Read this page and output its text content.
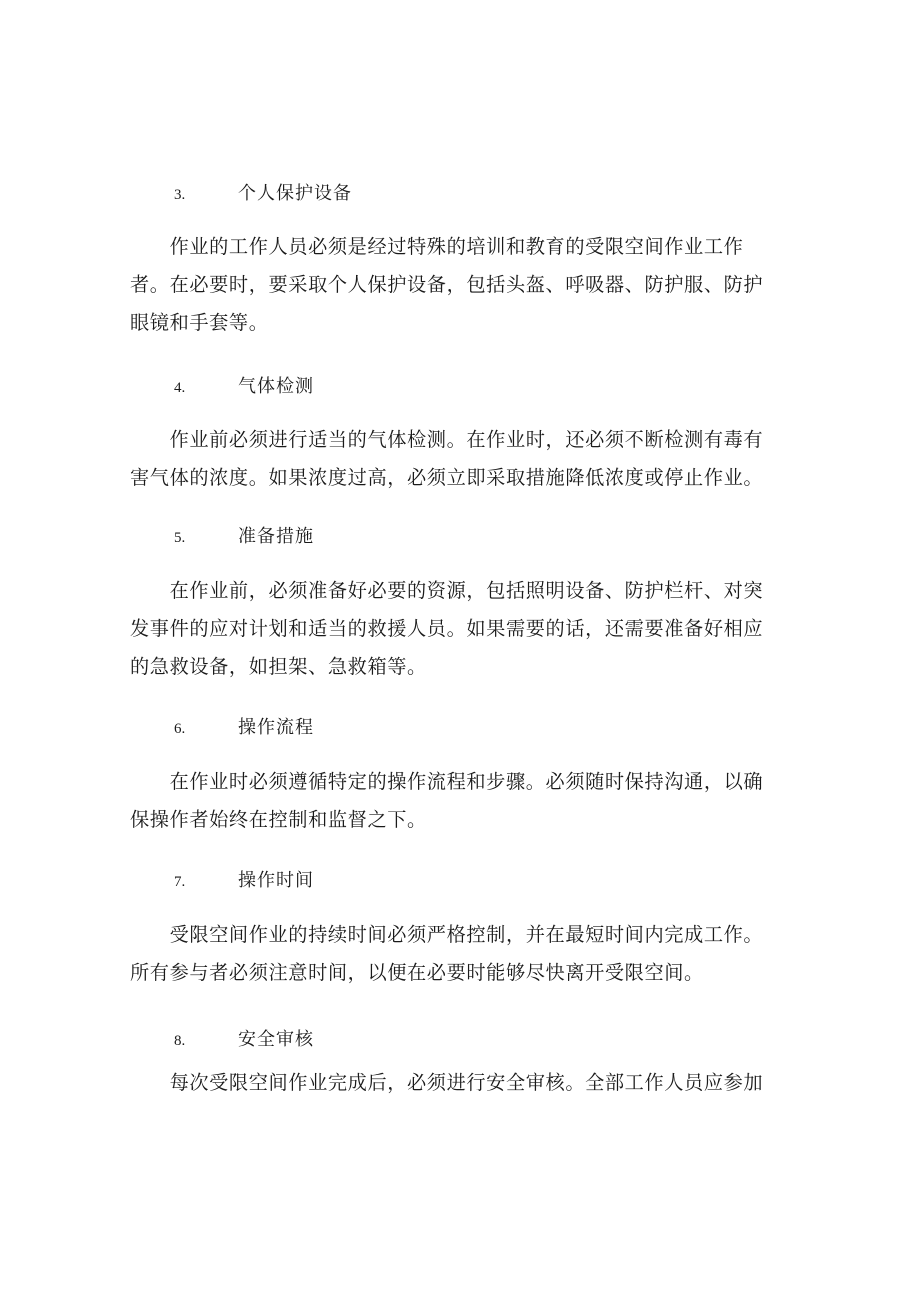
3.	个人保护设备

　　作业的工作人员必须是经过特殊的培训和教育的受限空间作业工作
者。在必要时，要采取个人保护设备，包括头盔、呼吸器、防护服、防护
眼镜和手套等。

4.	气体检测

　　作业前必须进行适当的气体检测。在作业时，还必须不断检测有毒有
害气体的浓度。如果浓度过高，必须立即采取措施降低浓度或停止作业。

5.	准备措施

　　在作业前，必须准备好必要的资源，包括照明设备、防护栏杆、对突
发事件的应对计划和适当的救援人员。如果需要的话，还需要准备好相应
的急救设备，如担架、急救箱等。

6.	操作流程

　　在作业时必须遵循特定的操作流程和步骤。必须随时保持沟通，以确
保操作者始终在控制和监督之下。

7.	操作时间

　　受限空间作业的持续时间必须严格控制，并在最短时间内完成工作。
所有参与者必须注意时间，以便在必要时能够尽快离开受限空间。

8.	安全审核

　　每次受限空间作业完成后，必须进行安全审核。全部工作人员应参加
